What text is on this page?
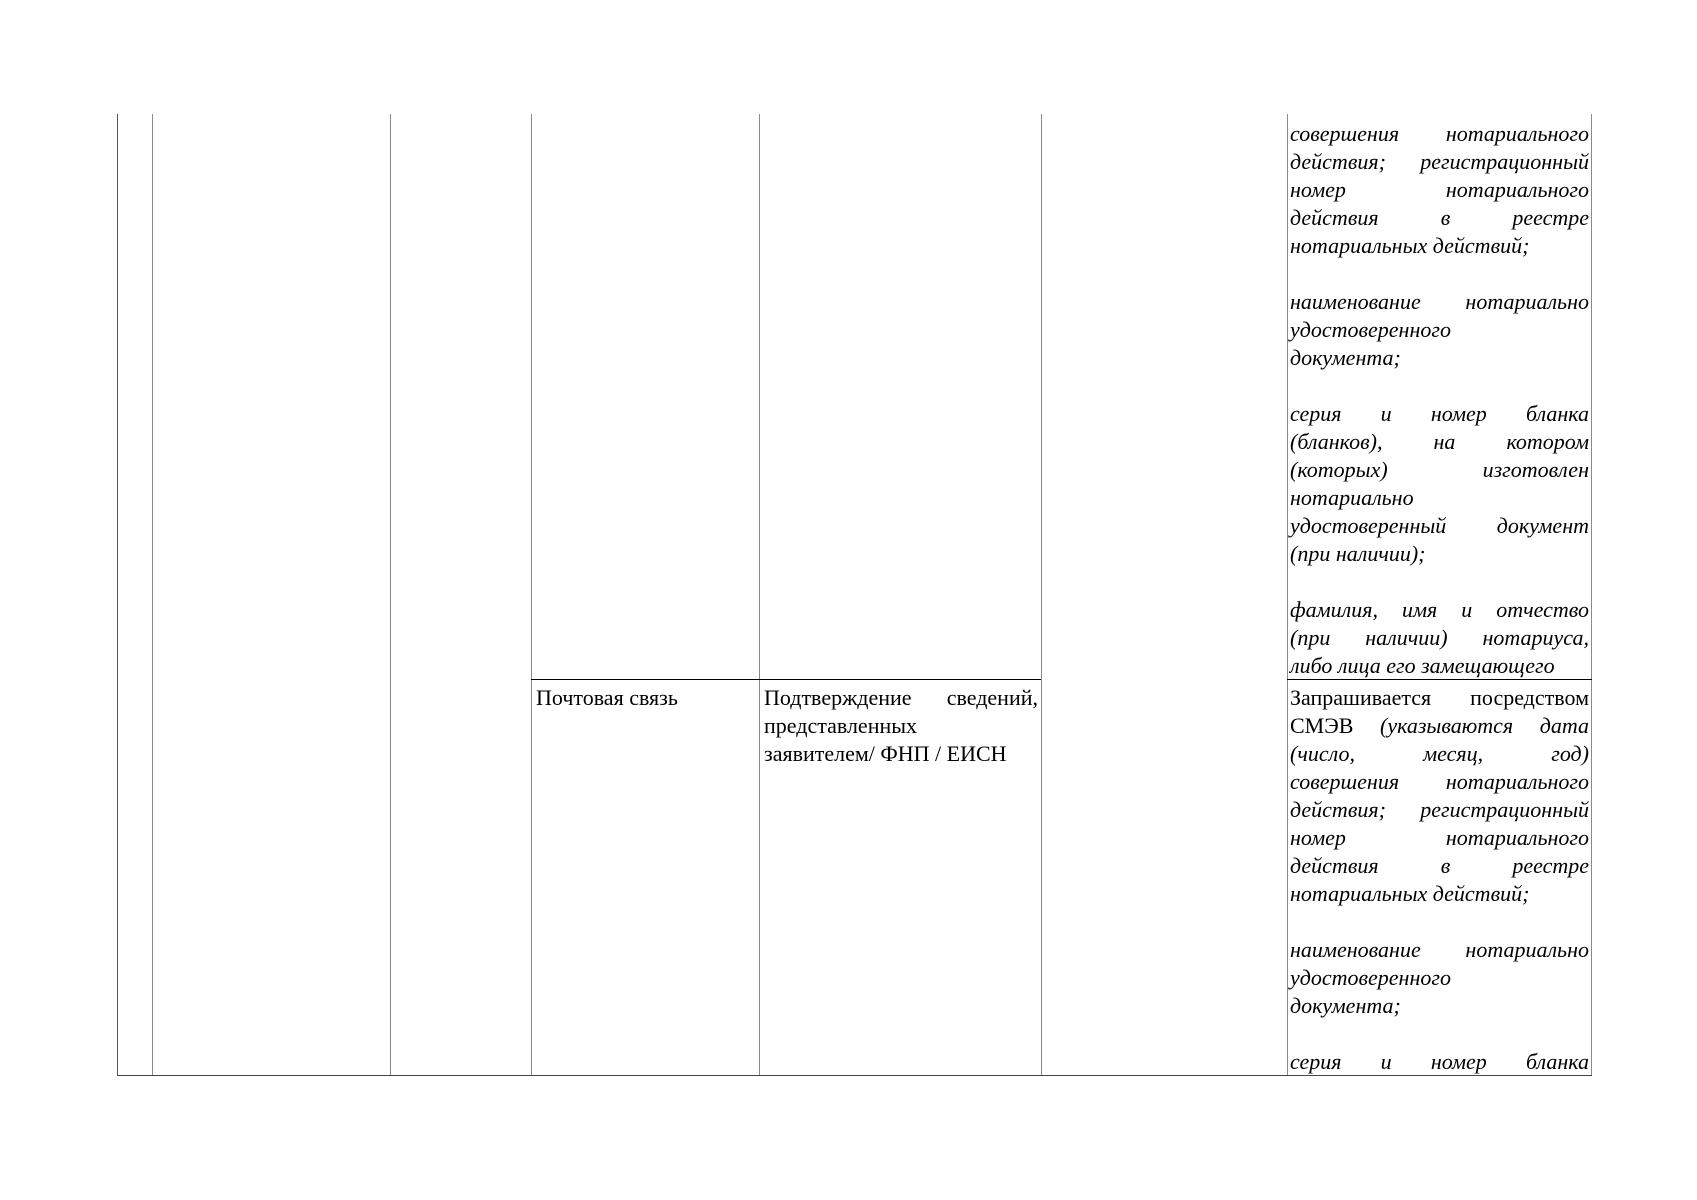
совершения нотариального

действия; регистрационный

номер нотариального

действия в реестре

нотариальных действий;

наименование нотариально

удостоверенного

документа;

серия и номер бланка

(бланков), на котором

(которых) изготовлен

нотариально

удостоверенный документ

(при наличии);

фамилия, имя и отчество

(при наличии) нотариуса,

либо лица его замещающего

Почтовая связь	Подтверждение сведений,

представленных

заявителем/ ФНП / ЕИСН

Запрашивается посредством

СМЭВ (указываются дата

(число, месяц, год)

совершения нотариального

действия; регистрационный

номер нотариального

действия в реестре

нотариальных действий;

наименование нотариально

удостоверенного

документа;

серия и номер бланка
